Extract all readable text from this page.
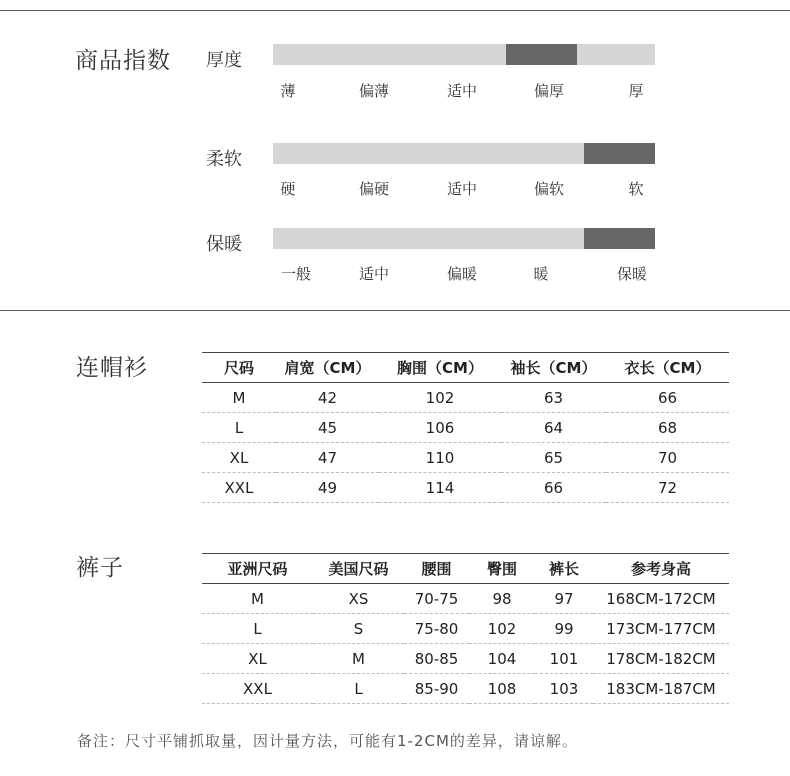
商品指数 厚度
薄	偏薄	适中	偏厚	厚
柔软
硬	偏硬	适中	偏软	软
保暖
一般	适中	偏暖	暖	保暖
连帽衫	尺码	肩宽（CM）	胸围（CM）	袖长（CM）	衣长（CM）
M	42	102	63	66
L	45	106	64	68
XL	47	110	65	70
XXL	49	114	66	72
裤子	亚洲尺码	美国尺码	腰围	臀围	裤长	参考身高
M	XS	70-75	98	97	168CM-172CM
L	S	75-80	102	99	173CM-177CM
XL	M	80-85	104	101	178CM-182CM
XXL	L	85-90	108	103	183CM-187CM
备注：尺寸平铺抓取量，因计量方法，可能有1-2CM的差异，请谅解。
